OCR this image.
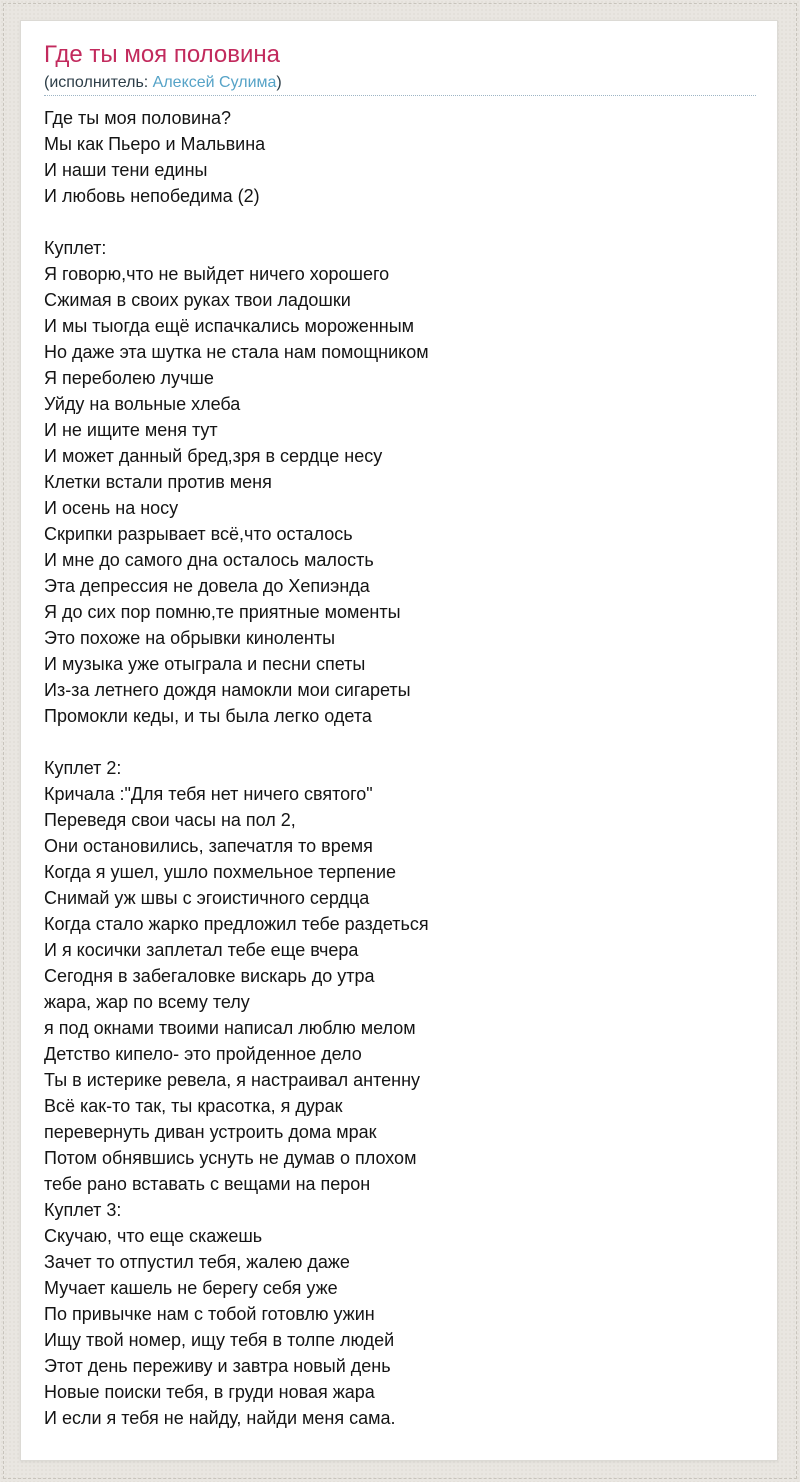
Где ты моя половина
(исполнитель: Алексей Сулима)
Где ты моя половина?
Мы как Пьеро и Мальвина
И наши тени едины
И любовь непобедима (2)
Куплет:
Я говорю,что не выйдет ничего хорошего
Сжимая в своих руках твои ладошки
И мы тыогда ещё испачкались мороженным
Но даже эта шутка не стала нам помощником
Я переболею лучше
Уйду на вольные хлеба
И не ищите меня тут
И может данный бред,зря в сердце несу
Клетки встали против меня
И осень на носу
Скрипки разрывает всё,что осталось
И мне до самого дна осталось малость
Эта депрессия не довела до Хепиэнда
Я до сих пор помню,те приятные моменты
Это похоже на обрывки киноленты
И музыка уже отыграла и песни спеты
Из-за летнего дождя намокли мои сигареты
Промокли кеды, и ты была легко одета
Куплет 2:
Кричала :"Для тебя нет ничего святого"
Переведя свои часы на пол 2,
Они остановились, запечатля то время
Когда я ушел, ушло похмельное терпение
Снимай уж швы с эгоистичного сердца
Когда стало жарко предложил тебе раздеться
И я косички заплетал тебе еще вчера
Сегодня в забегаловке вискарь до утра
жара, жар по всему телу
я под окнами твоими написал люблю мелом
Детство кипело- это пройденное дело
Ты в истерике ревела, я настраивал антенну
Всё как-то так, ты красотка, я дурак
перевернуть диван устроить дома мрак
Потом обнявшись уснуть не думав о плохом
тебе рано вставать с вещами на перон
Куплет 3:
Скучаю, что еще скажешь
Зачет то отпустил тебя, жалею даже
Мучает кашель не берегу себя уже
По привычке нам с тобой готовлю ужин
Ищу твой номер, ищу тебя в толпе людей
Этот день переживу и завтра новый день
Новые поиски тебя, в груди новая жара
И если я тебя не найду, найди меня сама.
